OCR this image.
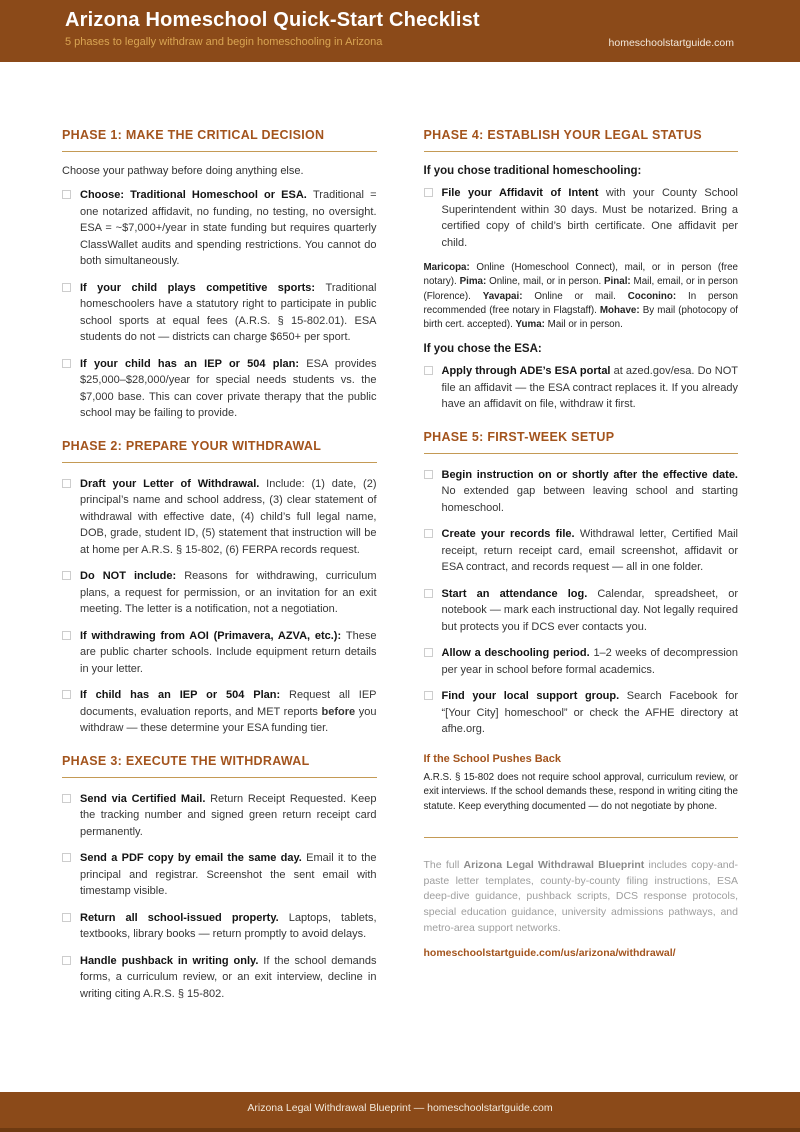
Arizona Homeschool Quick-Start Checklist

5 phases to legally withdraw and begin homeschooling in Arizona	homeschoolstartguide.com
PHASE 1: MAKE THE CRITICAL DECISION

Choose your pathway before doing anything else.

Choose: Traditional Homeschool or ESA. Traditional = one notarized affidavit, no funding, no testing, no oversight. ESA = ~$7,000+/year in state funding but requires quarterly ClassWallet audits and spending restrictions. You cannot do both simultaneously.

If your child plays competitive sports: Traditional homeschoolers have a statutory right to participate in public school sports at equal fees (A.R.S. § 15-802.01). ESA students do not — districts can charge $650+ per sport.

If your child has an IEP or 504 plan: ESA provides $25,000–$28,000/year for special needs students vs. the $7,000 base. This can cover private therapy that the public school may be failing to provide.

PHASE 2: PREPARE YOUR WITHDRAWAL

Draft your Letter of Withdrawal. Include: (1) date, (2) principal’s name and school address, (3) clear statement of withdrawal with effective date, (4) child’s full legal name, DOB, grade, student ID, (5) statement that instruction will be at home per A.R.S. § 15-802, (6) FERPA records request.

Do NOT include: Reasons for withdrawing, curriculum plans, a request for permission, or an invitation for an exit meeting. The letter is a notification, not a negotiation.

If withdrawing from AOI (Primavera, AZVA, etc.): These are public charter schools. Include equipment return details in your letter.

If child has an IEP or 504 Plan: Request all IEP documents, evaluation reports, and MET reports before you withdraw — these determine your ESA funding tier.

PHASE 3: EXECUTE THE WITHDRAWAL

Send via Certified Mail. Return Receipt Requested. Keep the tracking number and signed green return receipt card permanently.

Send a PDF copy by email the same day. Email it to the principal and registrar. Screenshot the sent email with timestamp visible.

Return all school-issued property. Laptops, tablets, textbooks, library books — return promptly to avoid delays.

Handle pushback in writing only. If the school demands forms, a curriculum review, or an exit interview, decline in writing citing A.R.S. § 15-802.

PHASE 4: ESTABLISH YOUR LEGAL STATUS

If you chose traditional homeschooling:

File your Affidavit of Intent with your County School Superintendent within 30 days. Must be notarized. Bring a certified copy of child’s birth certificate. One affidavit per child.

Maricopa: Online (Homeschool Connect), mail, or in person (free notary). Pima: Online, mail, or in person. Pinal: Mail, email, or in person (Florence). Yavapai: Online or mail. Coconino: In person recommended (free notary in Flagstaff). Mohave: By mail (photocopy of birth cert. accepted). Yuma: Mail or in person.

If you chose the ESA:

Apply through ADE’s ESA portal at azed.gov/esa. Do NOT file an affidavit — the ESA contract replaces it. If you already have an affidavit on file, withdraw it first.

PHASE 5: FIRST-WEEK SETUP

Begin instruction on or shortly after the effective date. No extended gap between leaving school and starting homeschool.

Create your records file. Withdrawal letter, Certified Mail receipt, return receipt card, email screenshot, affidavit or ESA contract, and records request — all in one folder.

Start an attendance log. Calendar, spreadsheet, or notebook — mark each instructional day. Not legally required but protects you if DCS ever contacts you.

Allow a deschooling period. 1–2 weeks of decompression per year in school before formal academics.

Find your local support group. Search Facebook for “[Your City] homeschool” or check the AFHE directory at afhe.org.

If the School Pushes Back

A.R.S. § 15-802 does not require school approval, curriculum review, or exit interviews. If the school demands these, respond in writing citing the statute. Keep everything documented — do not negotiate by phone.

The full Arizona Legal Withdrawal Blueprint includes copy-and-paste letter templates, county-by-county filing instructions, ESA deep-dive guidance, pushback scripts, DCS response protocols, special education guidance, university admissions pathways, and metro-area support networks.

homeschoolstartguide.com/us/arizona/withdrawal/

Arizona Legal Withdrawal Blueprint — homeschoolstartguide.com
